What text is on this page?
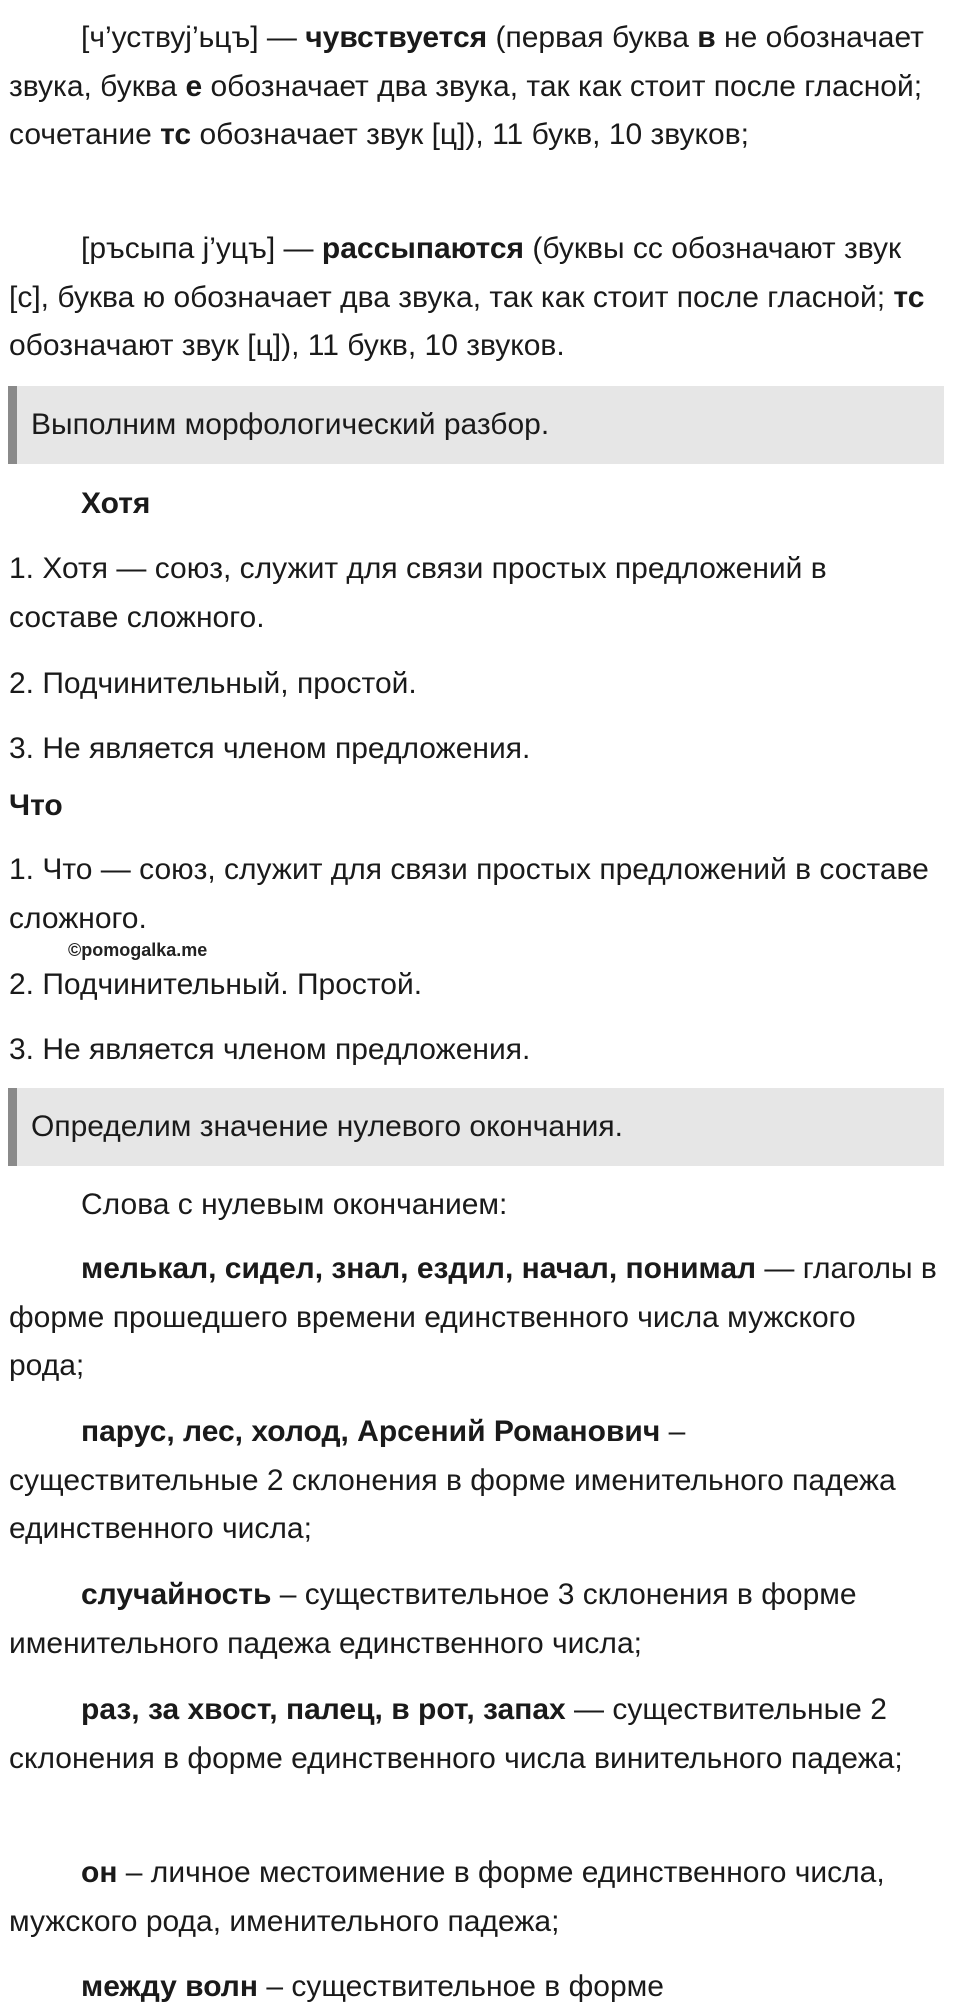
[ч’уствуj’ьцъ] — чувствуется (первая буква в не обозначает звука, буква е обозначает два звука, так как стоит после гласной; сочетание тс обозначает звук [ц]), 11 букв, 10 звуков;

[ръсыпа j’уцъ] — рассыпаются (буквы сс обозначают звук [с], буква ю обозначает два звука, так как стоит после гласной; тс обозначают звук [ц]), 11 букв, 10 звуков.

Выполним морфологический разбор.

Хотя

1. Хотя — союз, служит для связи простых предложений в составе сложного.

2. Подчинительный, простой.

3. Не является членом предложения.

Что

1. Что — союз, служит для связи простых предложений в составе сложного.

©pomogalka.me

2. Подчинительный. Простой.

3. Не является членом предложения.

Определим значение нулевого окончания.

Слова с нулевым окончанием:

мелькал, сидел, знал, ездил, начал, понимал — глаголы в форме прошедшего времени единственного числа мужского рода;

парус, лес, холод, Арсений Романович – существительные 2 склонения в форме именительного падежа единственного числа;

случайность – существительное 3 склонения в форме именительного падежа единственного числа;

раз, за хвост, палец, в рот, запах — существительные 2 склонения в форме единственного числа винительного падежа;

он – личное местоимение в форме единственного числа, мужского рода, именительного падежа;

между волн – существительное в форме
